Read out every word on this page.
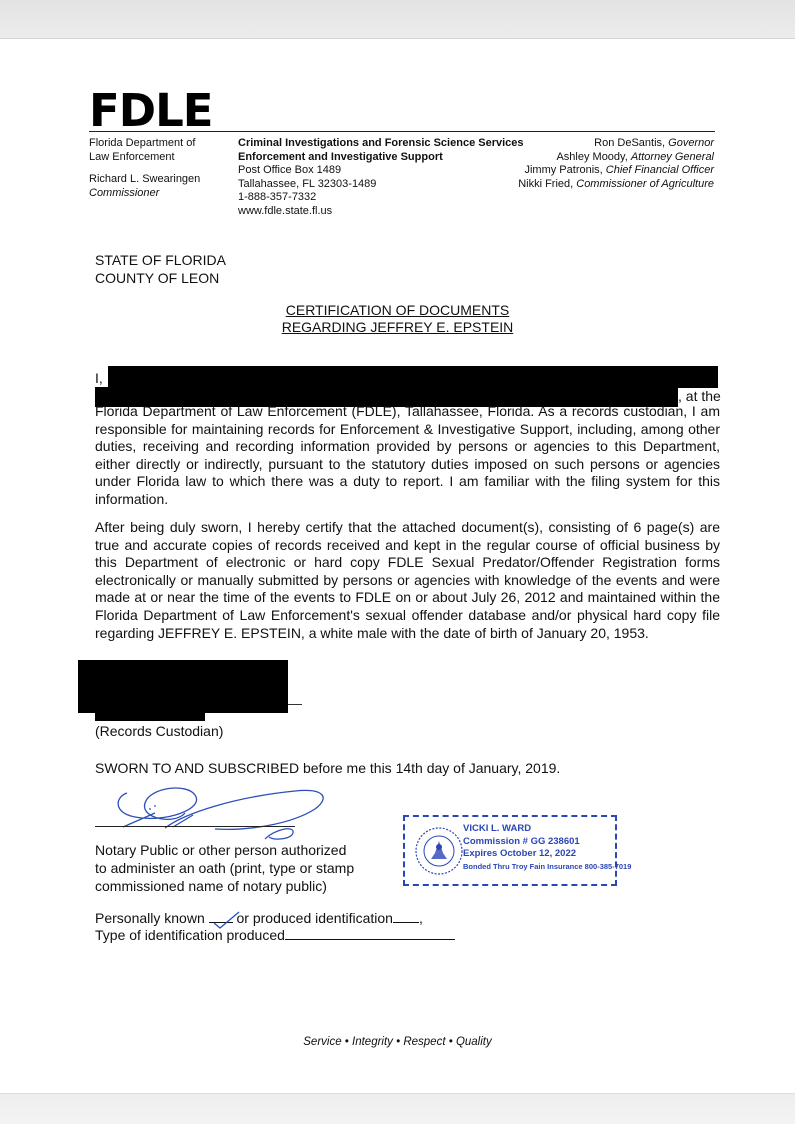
FDLE
Florida Department of
Law Enforcement
Richard L. Swearingen
Commissioner
Criminal Investigations and Forensic Science Services
Enforcement and Investigative Support
Post Office Box 1489
Tallahassee, FL 32303-1489
1-888-357-7332
www.fdle.state.fl.us
Ron DeSantis, Governor
Ashley Moody, Attorney General
Jimmy Patronis, Chief Financial Officer
Nikki Fried, Commissioner of Agriculture
STATE OF FLORIDA
COUNTY OF LEON
CERTIFICATION OF DOCUMENTS
REGARDING JEFFREY E. EPSTEIN
I,
, at the
Florida Department of Law Enforcement (FDLE), Tallahassee, Florida. As a records custodian, I am responsible for maintaining records for Enforcement & Investigative Support, including, among other duties, receiving and recording information provided by persons or agencies to this Department, either directly or indirectly, pursuant to the statutory duties imposed on such persons or agencies under Florida law to which there was a duty to report. I am familiar with the filing system for this information.
After being duly sworn, I hereby certify that the attached document(s), consisting of 6 page(s) are true and accurate copies of records received and kept in the regular course of official business by this Department of electronic or hard copy FDLE Sexual Predator/Offender Registration forms electronically or manually submitted by persons or agencies with knowledge of the events and were made at or near the time of the events to FDLE on or about July 26, 2012 and maintained within the Florida Department of Law Enforcement's sexual offender database and/or physical hard copy file regarding JEFFREY E. EPSTEIN, a white male with the date of birth of January 20, 1953.
(Records Custodian)
SWORN TO AND SUBSCRIBED before me this 14th day of January, 2019.
Notary Public or other person authorized
to administer an oath (print, type or stamp
commissioned name of notary public)
VICKI L. WARD
Commission # GG 238601
Expires October 12, 2022
Bonded Thru Troy Fain Insurance 800-385-7019
Personally known or produced identification ,
Type of identification produced
Service • Integrity • Respect • Quality
